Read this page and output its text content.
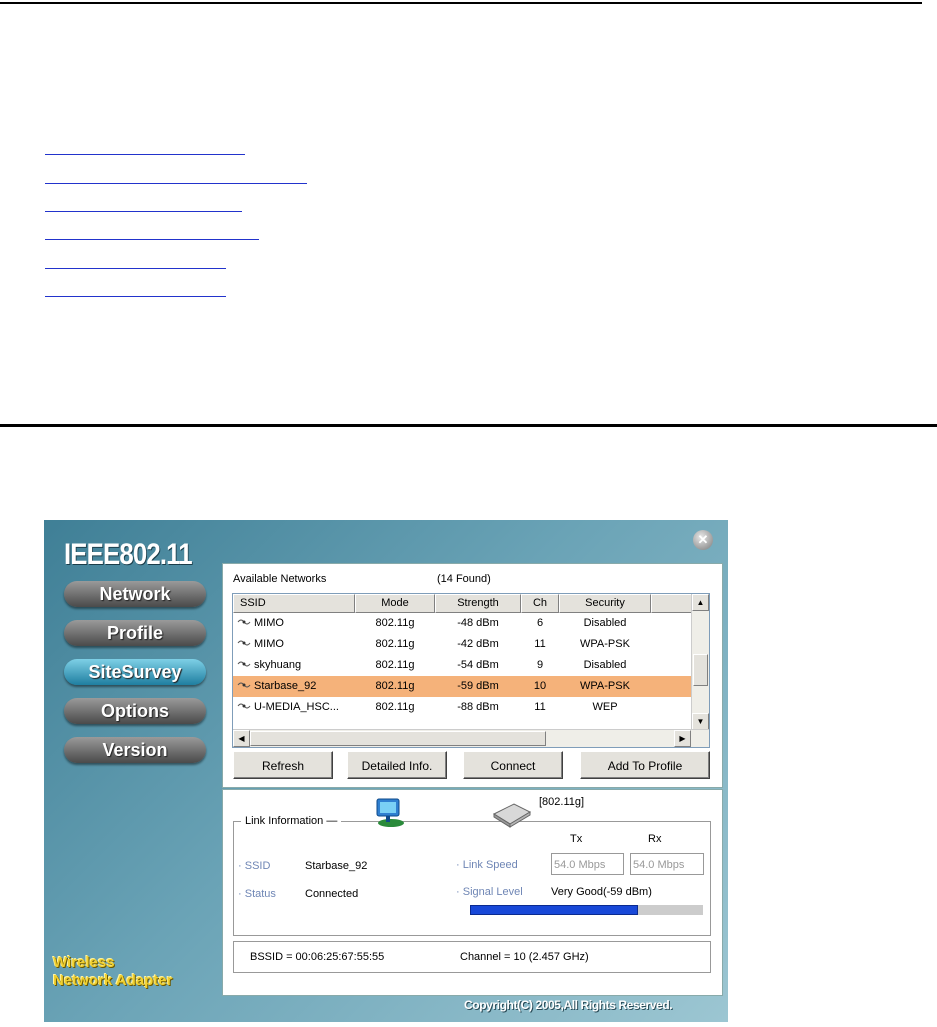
IEEE802.11	✕
Network
Profile
SiteSurvey
Options
Version
Wireless
Network Adapter
Available Networks	(14 Found)
SSID	Mode	Strength	Ch	Security
MIMO	802.11g	-48 dBm	6	Disabled
MIMO	802.11g	-42 dBm	11	WPA-PSK
skyhuang	802.11g	-54 dBm	9	Disabled
Starbase_92	802.11g	-59 dBm	10	WPA-PSK
U-MEDIA_HSC...	802.11g	-88 dBm	11	WEP
▲
▼
◀	▶
Refresh	Detailed Info.	Connect	Add To Profile
· SSID	Starbase_92
· Status	Connected
Tx	Rx
· Link Speed	54.0 Mbps	54.0 Mbps
· Signal Level	Very Good(-59 dBm)
Link Information —
[802.11g]
BSSID = 00:06:25:67:55:55	Channel = 10 (2.457 GHz)
Copyright(C) 2005,All Rights Reserved.
